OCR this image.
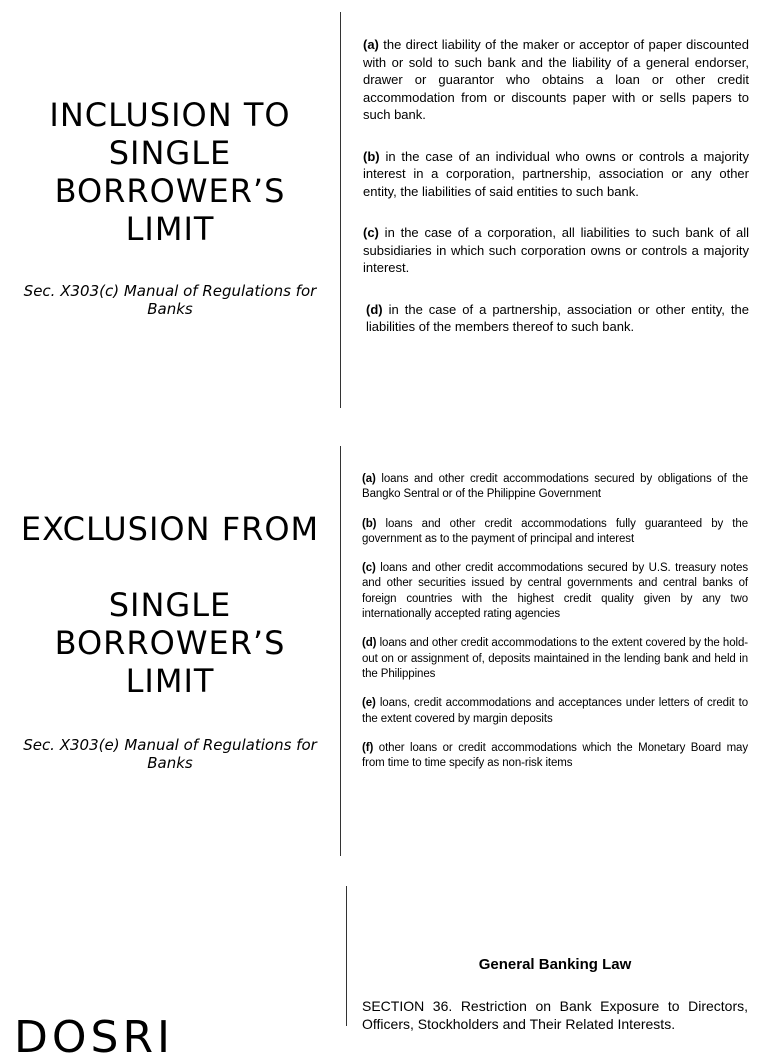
INCLUSION TO
SINGLE
BORROWER’S
LIMIT

Sec. X303(c) Manual of Regulations for Banks

(a) the direct liability of the maker or acceptor of paper discounted with or sold to such bank and the liability of a general endorser, drawer or guarantor who obtains a loan or other credit accommodation from or discounts paper with or sells papers to such bank.

(b) in the case of an individual who owns or controls a majority interest in a corporation, partnership, association or any other entity, the liabilities of said entities to such bank.

(c) in the case of a corporation, all liabilities to such bank of all subsidiaries in which such corporation owns or controls a majority interest.

(d) in the case of a partnership, association or other entity, the liabilities of the members thereof to such bank.

EXCLUSION FROM
SINGLE
BORROWER’S
LIMIT

Sec. X303(e) Manual of Regulations for Banks

(a) loans and other credit accommodations secured by obligations of the Bangko Sentral or of the Philippine Government

(b) loans and other credit accommodations fully guaranteed by the government as to the payment of principal and interest

(c) loans and other credit accommodations secured by U.S. treasury notes and other securities issued by central governments and central banks of foreign countries with the highest credit quality given by any two internationally accepted rating agencies

(d) loans and other credit accommodations to the extent covered by the hold-out on or assignment of, deposits maintained in the lending bank and held in the Philippines

(e) loans, credit accommodations and acceptances under letters of credit to the extent covered by margin deposits

(f) other loans or credit accommodations which the Monetary Board may from time to time specify as non-risk items

DOSRI

General Banking Law

SECTION 36. Restriction on Bank Exposure to Directors, Officers, Stockholders and Their Related Interests.
